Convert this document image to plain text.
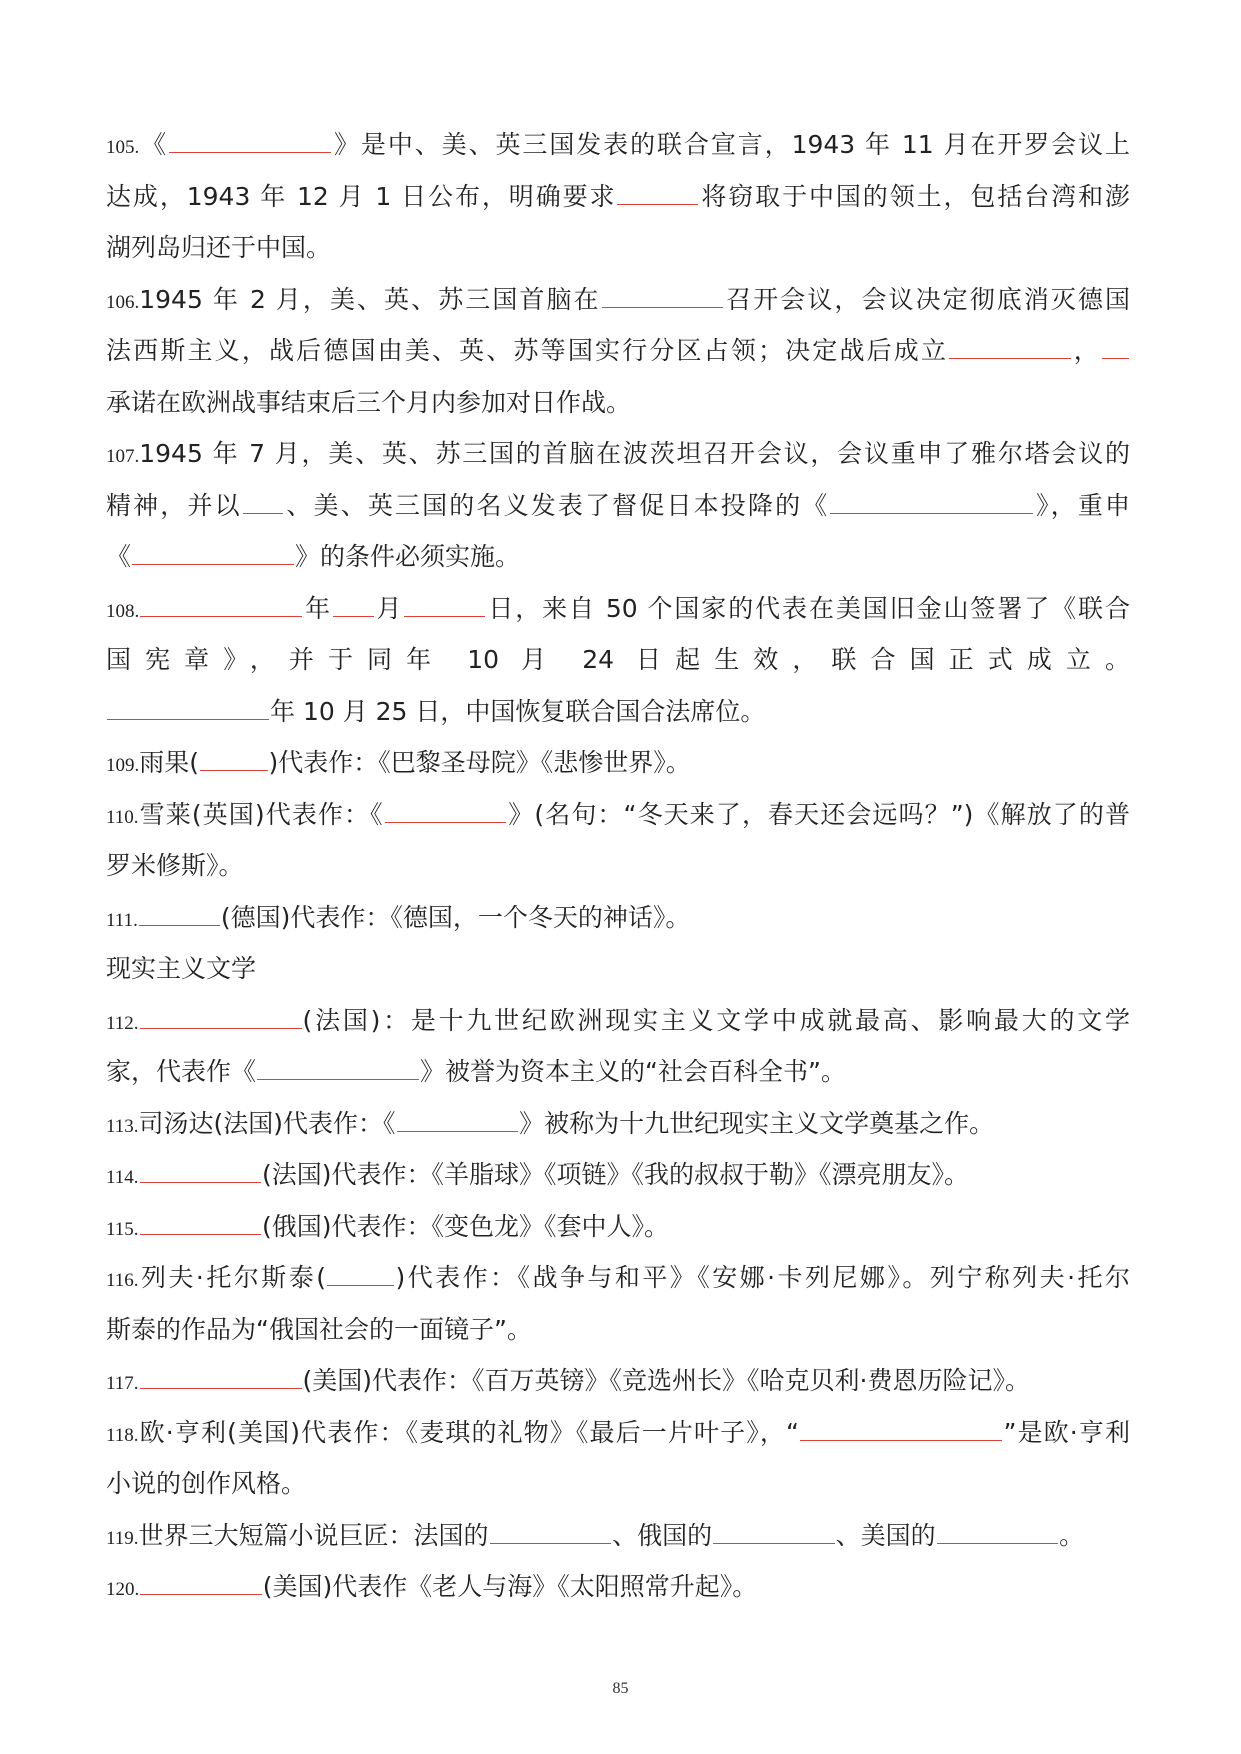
105.《	》是中、美、英三国发表的联合宣言，1943 年 11 月在开罗会议上
达成，1943 年 12 月 1 日公布，明确要求	将窃取于中国的领土，包括台湾和澎
湖列岛归还于中国。
106.1945 年 2 月，美、英、苏三国首脑在	召开会议，会议决定彻底消灭德国
法西斯主义，战后德国由美、英、苏等国实行分区占领；决定战后成立	，
承诺在欧洲战事结束后三个月内参加对日作战。
107.1945 年 7 月，美、英、苏三国的首脑在波茨坦召开会议，会议重申了雅尔塔会议的
精神，并以 、美、英三国的名义发表了督促日本投降的《	》，重申
《	》的条件必须实施。
108.	年 月	日，来自 50 个国家的代表在美国旧金山签署了《联合
国宪章》，并于同年 10 月 24 日起生效，联合国正式成立。
年 10 月 25 日，中国恢复联合国合法席位。
109.雨果(	)代表作：《巴黎圣母院》《悲惨世界》。
110.雪莱(英国)代表作：《	》(名句：“冬天来了，春天还会远吗？”)《解放了的普
罗米修斯》。
111.	(德国)代表作：《德国，一个冬天的神话》。
现实主义文学
112.	(法国)：是十九世纪欧洲现实主义文学中成就最高、影响最大的文学
家，代表作《	》被誉为资本主义的“社会百科全书”。
113.司汤达(法国)代表作：《	》被称为十九世纪现实主义文学奠基之作。
114.	(法国)代表作：《羊脂球》《项链》《我的叔叔于勒》《漂亮朋友》。
115.	(俄国)代表作：《变色龙》《套中人》。
116.列夫·托尔斯泰(	)代表作：《战争与和平》《安娜·卡列尼娜》。列宁称列夫·托尔
斯泰的作品为“俄国社会的一面镜子”。
117.	(美国)代表作：《百万英镑》《竞选州长》《哈克贝利·费恩历险记》。
118.欧·亨利(美国)代表作：《麦琪的礼物》《最后一片叶子》，“	”是欧·亨利
小说的创作风格。
119.世界三大短篇小说巨匠：法国的	、俄国的	、美国的	。
120.	(美国)代表作《老人与海》《太阳照常升起》。
85
